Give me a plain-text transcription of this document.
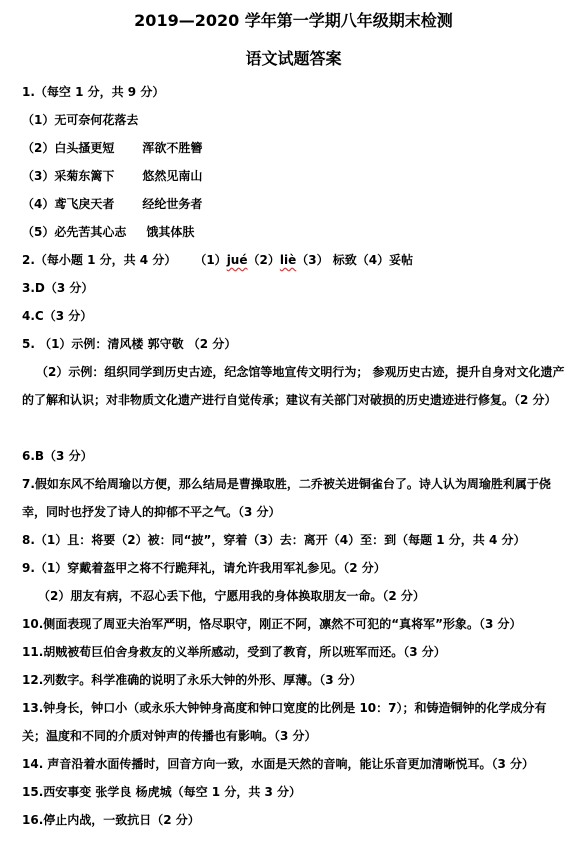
2019—2020 学年第一学期八年级期末检测
语文试题答案
1.（每空 1 分，共 9 分）
（1）无可奈何花落去
（2）白头搔更短 浑欲不胜簪
（3）采菊东篱下 悠然见南山
（4）鸢飞戾天者 经纶世务者
（5）必先苦其心志 饿其体肤
2.（每小题 1 分，共 4 分） （1）jué（2）liè（3） 标致（4）妥帖
3.D（3 分）
4.C（3 分）
5. （1）示例：清风楼 郭守敬 （2 分）
（2）示例：组织同学到历史古迹，纪念馆等地宣传文明行为； 参观历史古迹，提升自身对文化遗产的了解和认识；对非物质文化遗产进行自觉传承；建议有关部门对破损的历史遗迹进行修复。（2 分）
6.B（3 分）
7.假如东风不给周瑜以方便，那么结局是曹操取胜，二乔被关进铜雀台了。诗人认为周瑜胜利属于侥幸，同时也抒发了诗人的抑郁不平之气。（3 分）
8.（1）且：将要（2）被：同“披”，穿着（3）去：离开（4）至：到（每题 1 分，共 4 分）
9.（1）穿戴着盔甲之将不行跪拜礼，请允许我用军礼参见。（2 分）
（2）朋友有病，不忍心丢下他，宁愿用我的身体换取朋友一命。（2 分）
10.侧面表现了周亚夫治军严明，恪尽职守，刚正不阿，凛然不可犯的“真将军”形象。（3 分）
11.胡贼被荀巨伯舍身救友的义举所感动，受到了教育，所以班军而还。（3 分）
12.列数字。科学准确的说明了永乐大钟的外形、厚薄。（3 分）
13.钟身长，钟口小（或永乐大钟钟身高度和钟口宽度的比例是 10：7）；和铸造铜钟的化学成分有关；温度和不同的介质对钟声的传播也有影响。（3 分）
14. 声音沿着水面传播时，回音方向一致，水面是天然的音响，能让乐音更加清晰悦耳。（3 分）
15.西安事变 张学良 杨虎城（每空 1 分，共 3 分）
16.停止内战，一致抗日（2 分）
